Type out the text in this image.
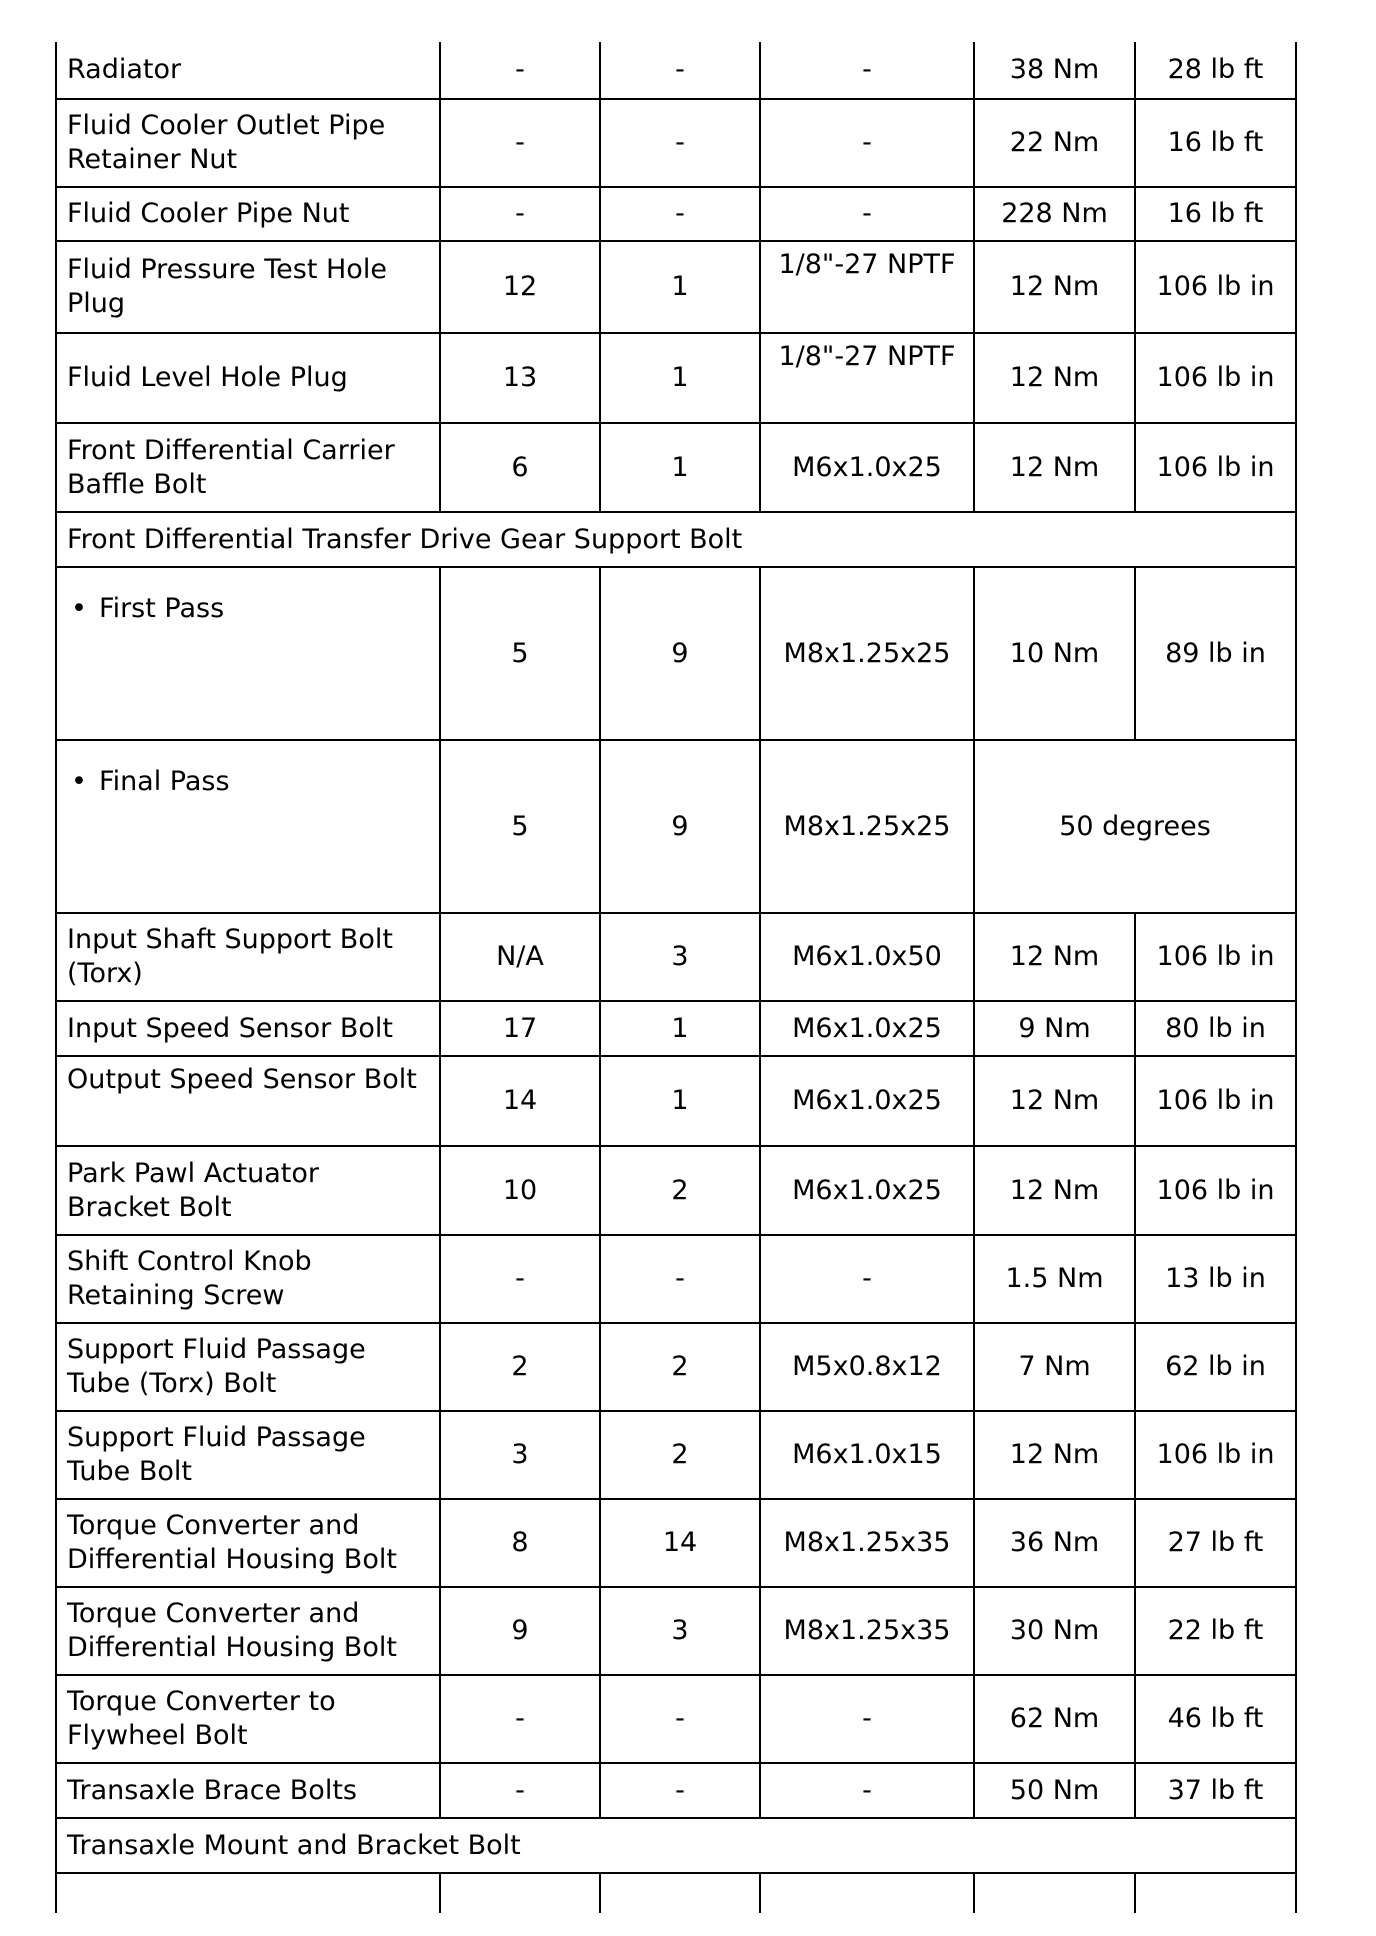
Radiator	-	-	-	38 Nm	28 lb ft
Fluid Cooler Outlet Pipe Retainer Nut	-	-	-	22 Nm	16 lb ft
Fluid Cooler Pipe Nut	-	-	-	228 Nm	16 lb ft
Fluid Pressure Test Hole Plug	12	1	1/8"-27 NPTF	12 Nm	106 lb in
Fluid Level Hole Plug	13	1	1/8"-27 NPTF	12 Nm	106 lb in
Front Differential Carrier Baffle Bolt	6	1	M6x1.0x25	12 Nm	106 lb in
Front Differential Transfer Drive Gear Support Bolt					
• First Pass	5	9	M8x1.25x25	10 Nm	89 lb in
• Final Pass	5	9	M8x1.25x25	50 degrees	
Input Shaft Support Bolt (Torx)	N/A	3	M6x1.0x50	12 Nm	106 lb in
Input Speed Sensor Bolt	17	1	M6x1.0x25	9 Nm	80 lb in
Output Speed Sensor Bolt	14	1	M6x1.0x25	12 Nm	106 lb in
Park Pawl Actuator Bracket Bolt	10	2	M6x1.0x25	12 Nm	106 lb in
Shift Control Knob Retaining Screw	-	-	-	1.5 Nm	13 lb in
Support Fluid Passage Tube (Torx) Bolt	2	2	M5x0.8x12	7 Nm	62 lb in
Support Fluid Passage Tube Bolt	3	2	M6x1.0x15	12 Nm	106 lb in
Torque Converter and Differential Housing Bolt	8	14	M8x1.25x35	36 Nm	27 lb ft
Torque Converter and Differential Housing Bolt	9	3	M8x1.25x35	30 Nm	22 lb ft
Torque Converter to Flywheel Bolt	-	-	-	62 Nm	46 lb ft
Transaxle Brace Bolts	-	-	-	50 Nm	37 lb ft
Transaxle Mount and Bracket Bolt					
